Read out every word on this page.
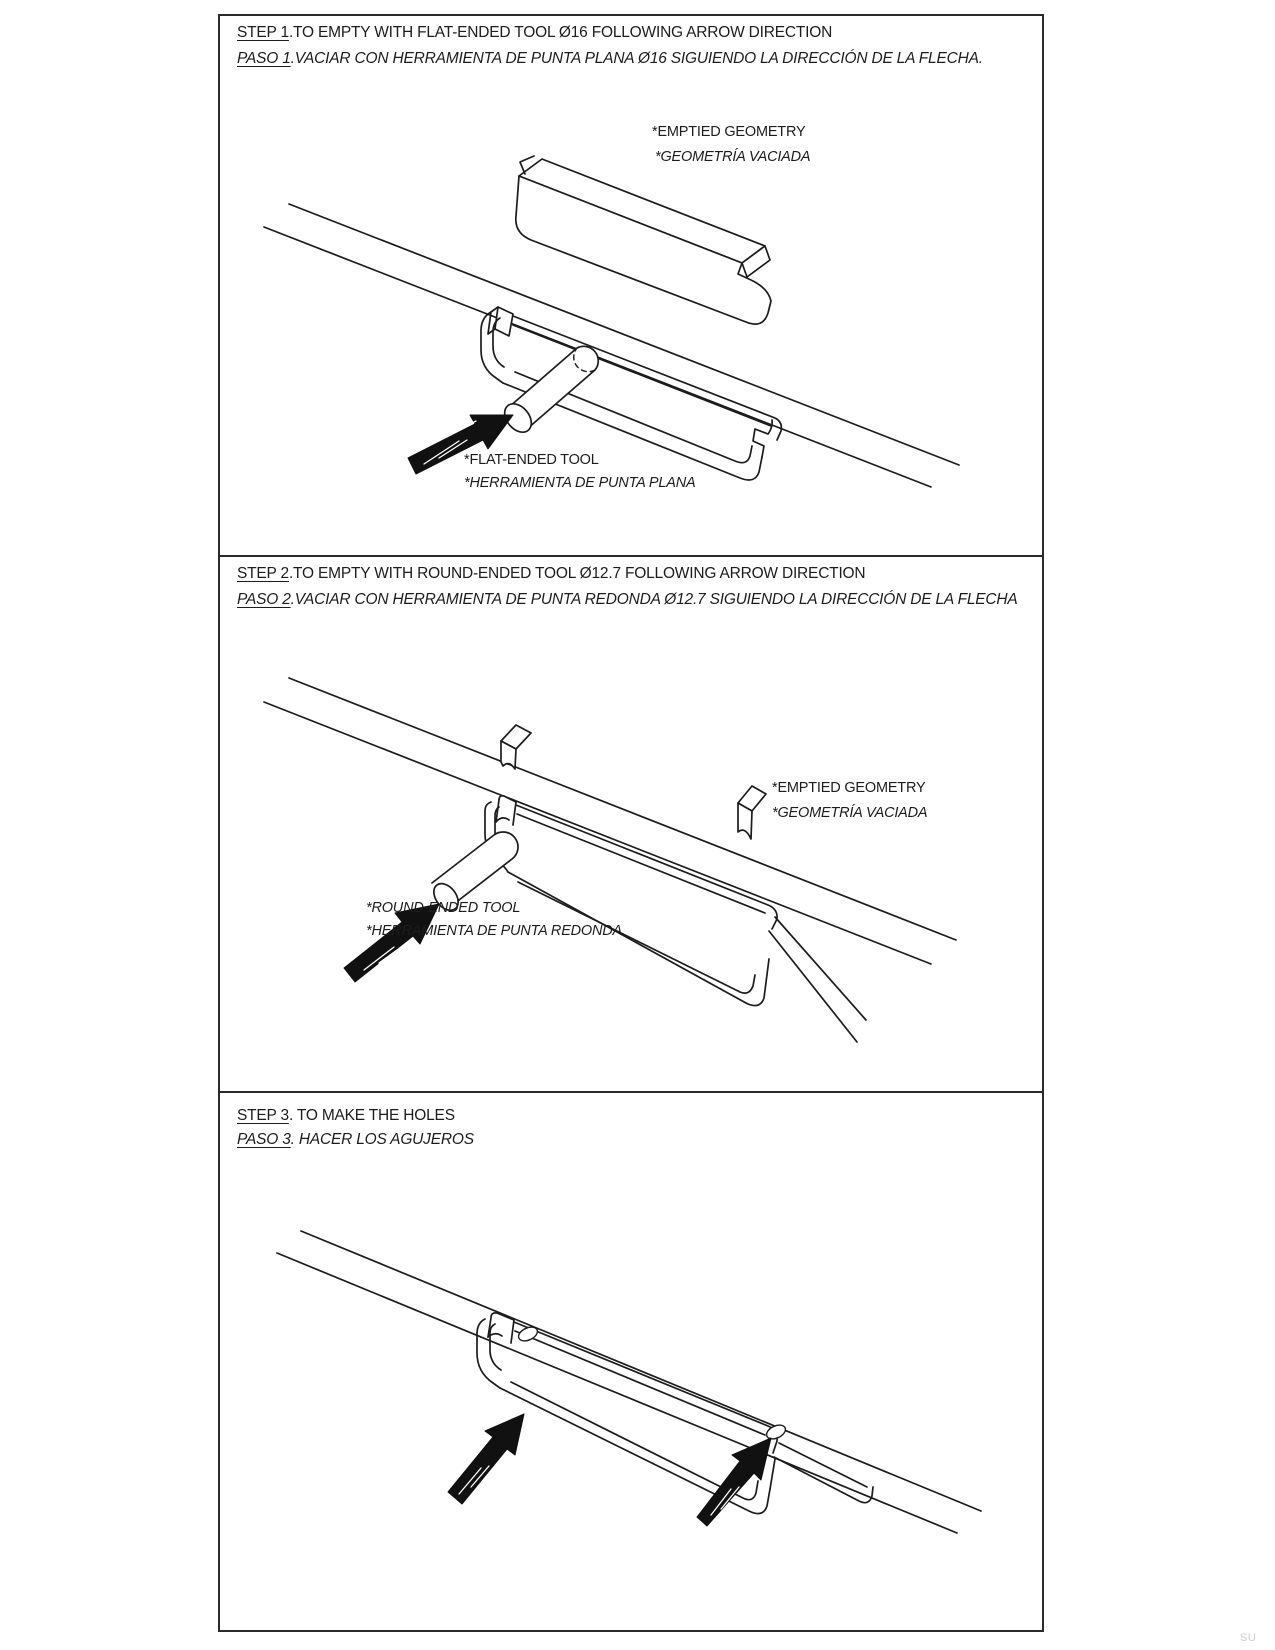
STEP 1.TO EMPTY WITH FLAT-ENDED TOOL Ø16 FOLLOWING ARROW DIRECTION
PASO 1.VACIAR CON HERRAMIENTA DE PUNTA PLANA Ø16 SIGUIENDO LA DIRECCIÓN DE LA FLECHA.
*EMPTIED GEOMETRY
*GEOMETRÍA VACIADA
*FLAT-ENDED TOOL
*HERRAMIENTA DE PUNTA PLANA
STEP 2.TO EMPTY WITH ROUND-ENDED TOOL Ø12.7 FOLLOWING ARROW DIRECTION
PASO 2.VACIAR CON HERRAMIENTA DE PUNTA REDONDA Ø12.7 SIGUIENDO LA DIRECCIÓN DE LA FLECHA
*EMPTIED GEOMETRY
*GEOMETRÍA VACIADA
*ROUND-ENDED TOOL
*HERRAMIENTA DE PUNTA REDONDA
STEP 3. TO MAKE THE HOLES
PASO 3. HACER LOS AGUJEROS
SU
